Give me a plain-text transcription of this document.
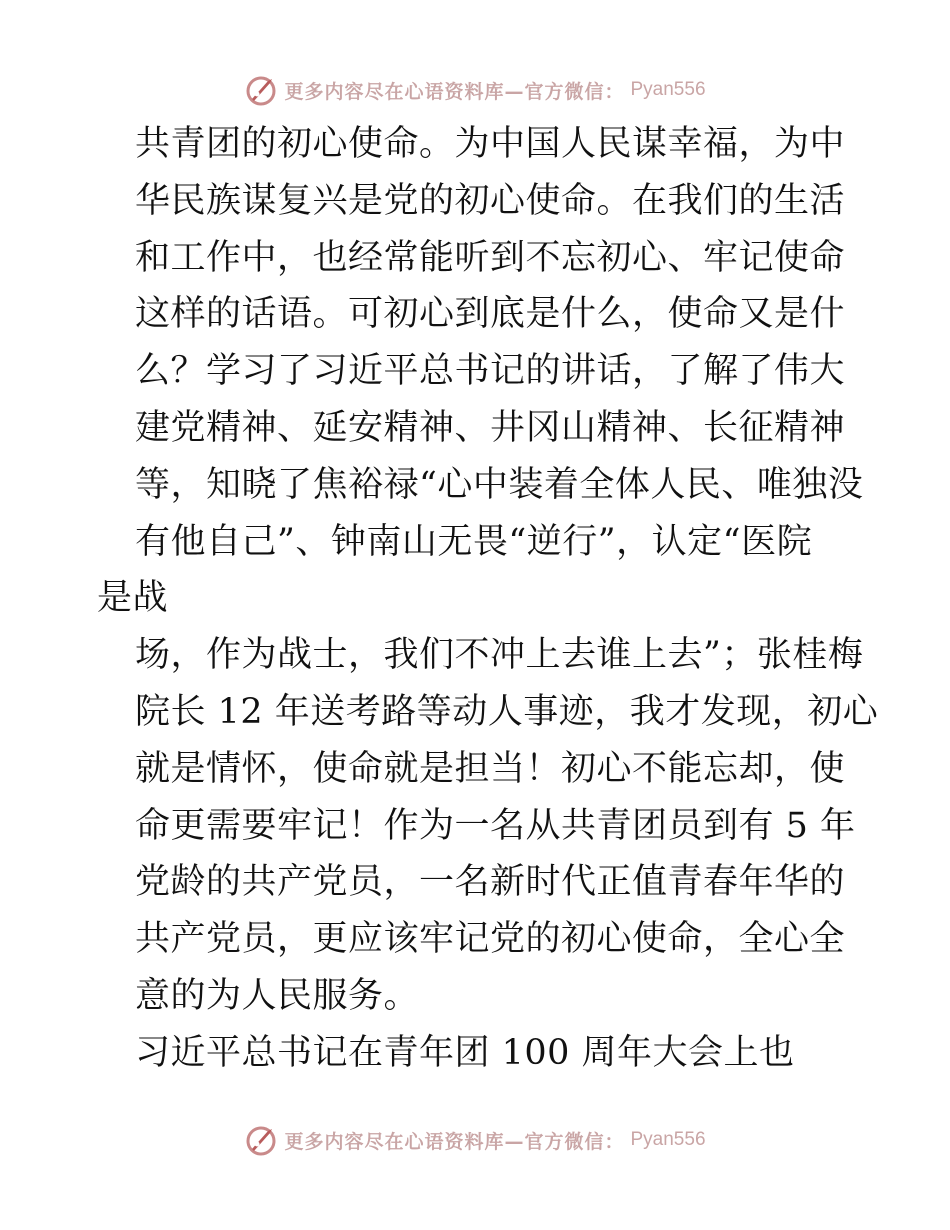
更多内容尽在心语资料库—官方微信： Pyan556
共青团的初心使命。为中国人民谋幸福，为中
华民族谋复兴是党的初心使命。在我们的生活
和工作中，也经常能听到不忘初心、牢记使命
这样的话语。可初心到底是什么，使命又是什
么？学习了习近平总书记的讲话，了解了伟大
建党精神、延安精神、井冈山精神、长征精神
等，知晓了焦裕禄“心中装着全体人民、唯独没
有他自己”、钟南山无畏“逆行”，认定“医院
是战
场，作为战士，我们不冲上去谁上去”；张桂梅
院长 12 年送考路等动人事迹，我才发现，初心
就是情怀，使命就是担当！初心不能忘却，使
命更需要牢记！作为一名从共青团员到有 5 年
党龄的共产党员，一名新时代正值青春年华的
共产党员，更应该牢记党的初心使命，全心全
意的为人民服务。
习近平总书记在青年团 100 周年大会上也
更多内容尽在心语资料库—官方微信： Pyan556
